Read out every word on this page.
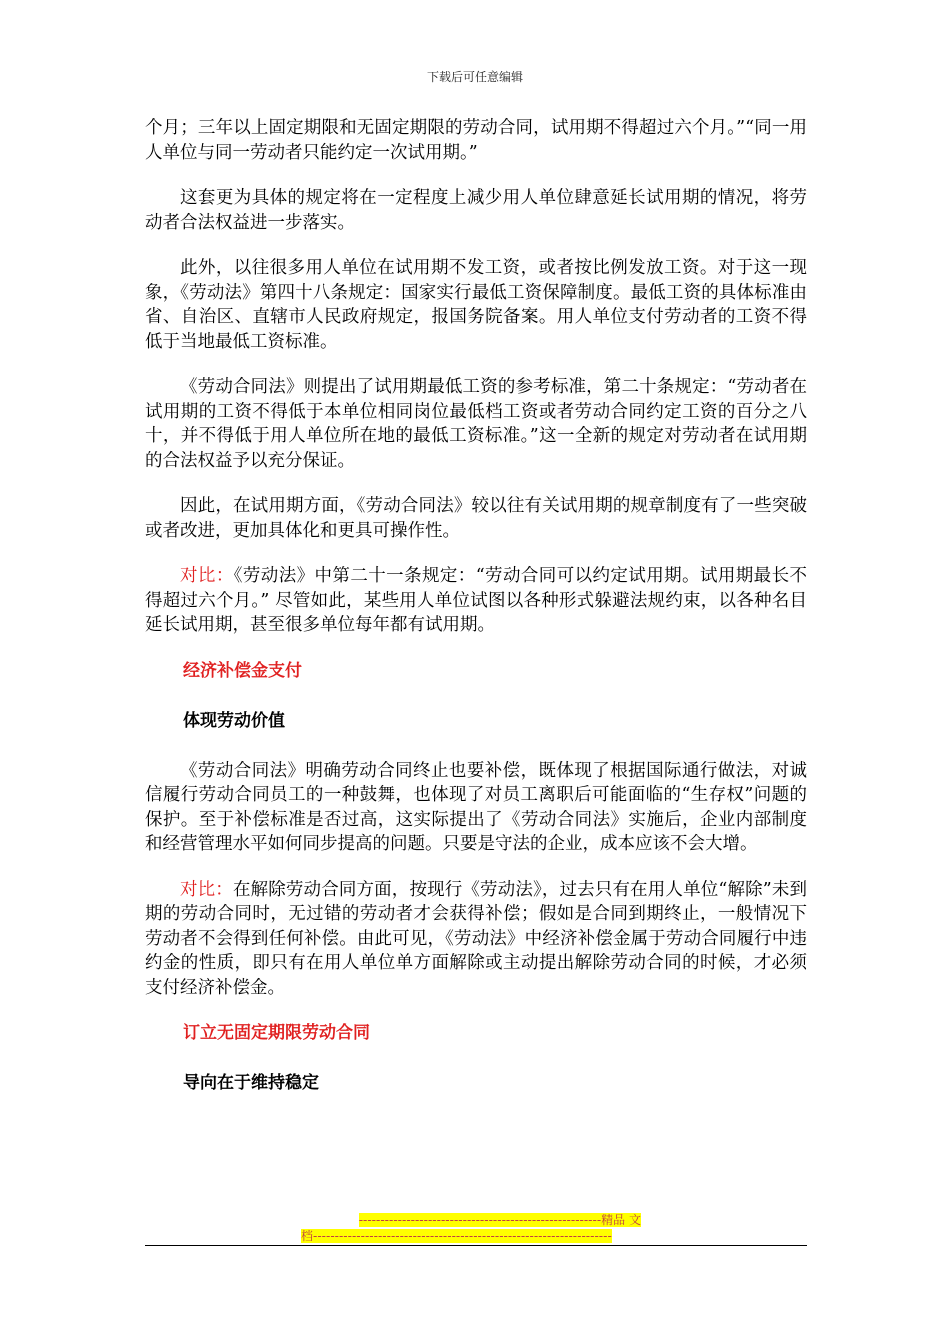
下载后可任意编辑

个月；三年以上固定期限和无固定期限的劳动合同，试用期不得超过六个月。”“同一用人单位与同一劳动者只能约定一次试用期。”

这套更为具体的规定将在一定程度上减少用人单位肆意延长试用期的情况，将劳动者合法权益进一步落实。

此外，以往很多用人单位在试用期不发工资，或者按比例发放工资。对于这一现象，《劳动法》第四十八条规定：国家实行最低工资保障制度。最低工资的具体标准由省、自治区、直辖市人民政府规定，报国务院备案。用人单位支付劳动者的工资不得低于当地最低工资标准。

《劳动合同法》则提出了试用期最低工资的参考标准，第二十条规定：“劳动者在试用期的工资不得低于本单位相同岗位最低档工资或者劳动合同约定工资的百分之八十，并不得低于用人单位所在地的最低工资标准。”这一全新的规定对劳动者在试用期的合法权益予以充分保证。

因此，在试用期方面，《劳动合同法》较以往有关试用期的规章制度有了一些突破或者改进，更加具体化和更具可操作性。

对比：《劳动法》中第二十一条规定：“劳动合同可以约定试用期。试用期最长不得超过六个月。” 尽管如此，某些用人单位试图以各种形式躲避法规约束，以各种名目延长试用期，甚至很多单位每年都有试用期。

经济补偿金支付
体现劳动价值

《劳动合同法》明确劳动合同终止也要补偿，既体现了根据国际通行做法，对诚信履行劳动合同员工的一种鼓舞，也体现了对员工离职后可能面临的“生存权”问题的保护。至于补偿标准是否过高，这实际提出了《劳动合同法》实施后，企业内部制度和经营管理水平如何同步提高的问题。只要是守法的企业，成本应该不会大增。

对比：在解除劳动合同方面，按现行《劳动法》，过去只有在用人单位“解除”未到期的劳动合同时，无过错的劳动者才会获得补偿；假如是合同到期终止，一般情况下劳动者不会得到任何补偿。由此可见，《劳动法》中经济补偿金属于劳动合同履行中违约金的性质，即只有在用人单位单方面解除或主动提出解除劳动合同的时候，才必须支付经济补偿金。

订立无固定期限劳动合同
导向在于维持稳定
--------------------------------------------------------精品 文
档---------------------------------------------------------------------
